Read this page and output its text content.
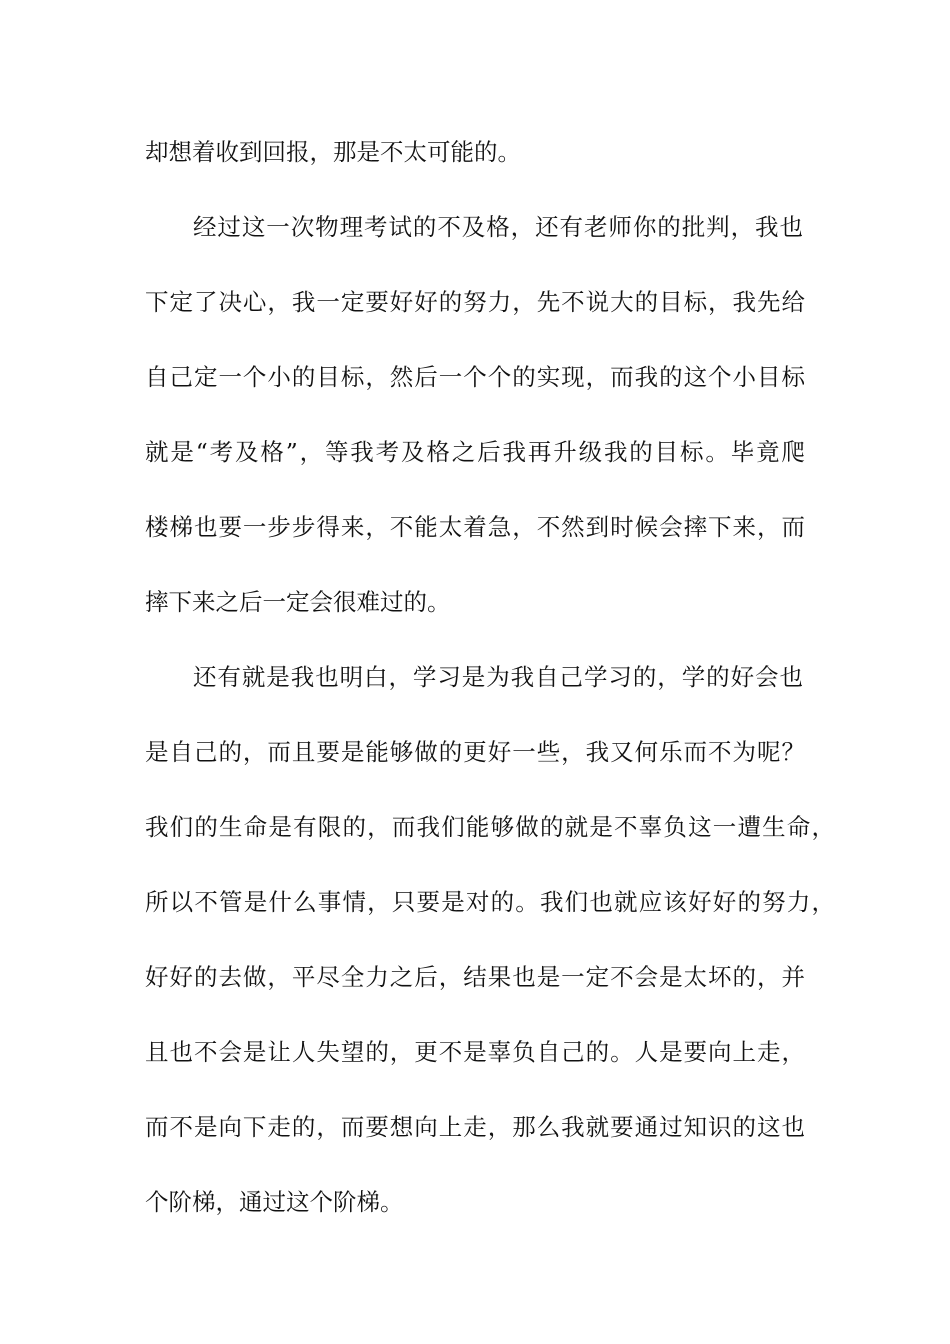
却想着收到回报，那是不太可能的。
经过这一次物理考试的不及格，还有老师你的批判，我也
下定了决心，我一定要好好的努力，先不说大的目标，我先给
自己定一个小的目标，然后一个个的实现，而我的这个小目标
就是“考及格”，等我考及格之后我再升级我的目标。毕竟爬
楼梯也要一步步得来，不能太着急，不然到时候会摔下来，而
摔下来之后一定会很难过的。
还有就是我也明白，学习是为我自己学习的，学的好会也
是自己的，而且要是能够做的更好一些，我又何乐而不为呢？
我们的生命是有限的，而我们能够做的就是不辜负这一遭生命，
所以不管是什么事情，只要是对的。我们也就应该好好的努力，
好好的去做，平尽全力之后，结果也是一定不会是太坏的，并
且也不会是让人失望的，更不是辜负自己的。人是要向上走，
而不是向下走的，而要想向上走，那么我就要通过知识的这也
个阶梯，通过这个阶梯。
